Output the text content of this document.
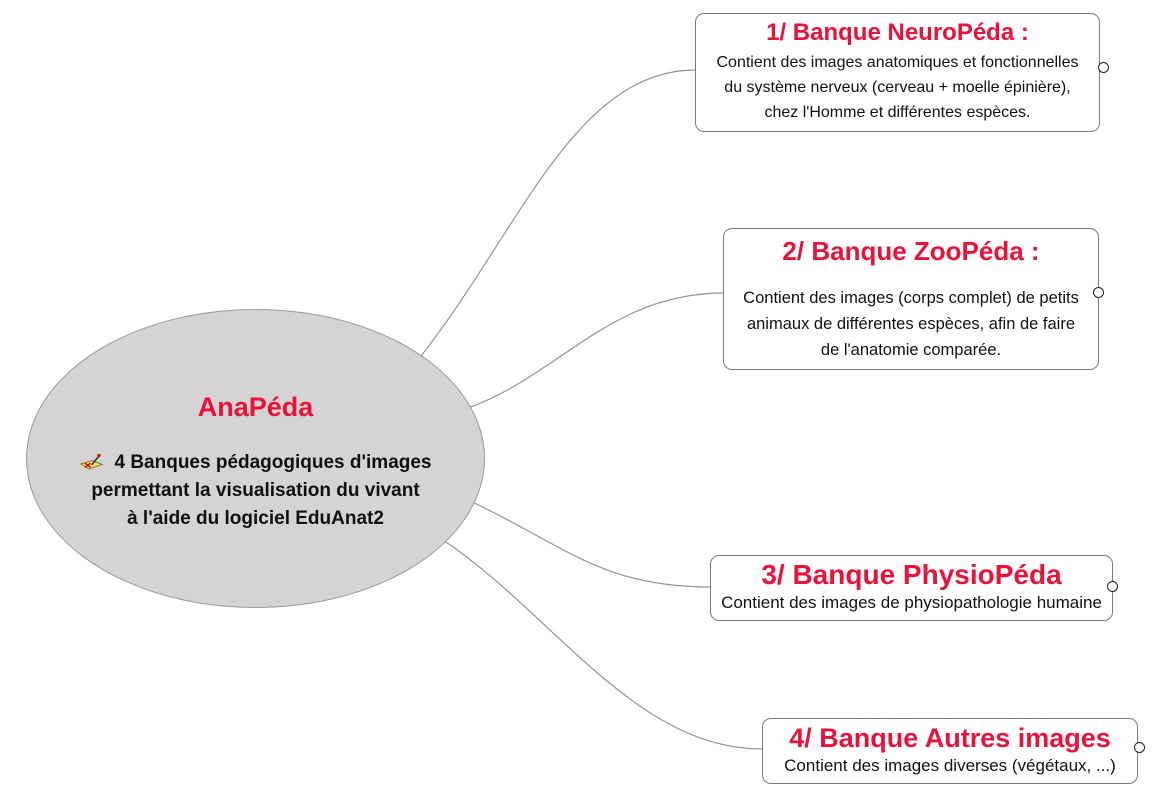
AnaPéda
4 Banques pédagogiques d'images
permettant la visualisation du vivant
à l'aide du logiciel EduAnat2
1/ Banque NeuroPéda :
Contient des images anatomiques et fonctionnelles
du système nerveux (cerveau + moelle épinière),
chez l'Homme et différentes espèces.
2/ Banque ZooPéda :
Contient des images (corps complet) de petits
animaux de différentes espèces, afin de faire
de l'anatomie comparée.
3/ Banque PhysioPéda
Contient des images de physiopathologie humaine
4/ Banque Autres images
Contient des images diverses (végétaux, ...)
